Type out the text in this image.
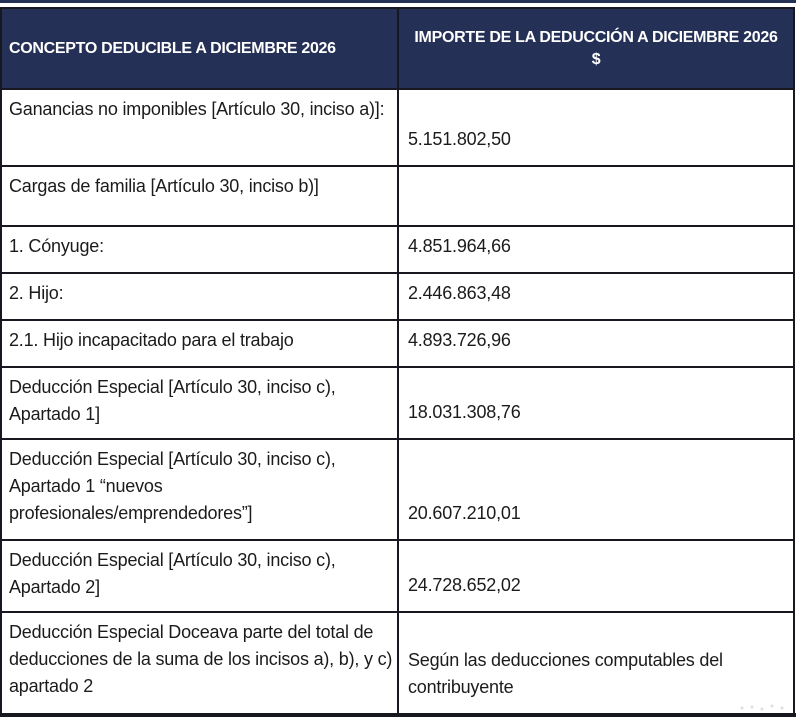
CONCEPTO DEDUCIBLE A DICIEMBRE 2026	IMPORTE DE LA DEDUCCIÓN A DICIEMBRE 2026 $
Ganancias no imponibles [Artículo 30, inciso a)]:	5.151.802,50
Cargas de familia [Artículo 30, inciso b)]	
1. Cónyuge:	4.851.964,66
2. Hijo:	2.446.863,48
2.1. Hijo incapacitado para el trabajo	4.893.726,96
Deducción Especial [Artículo 30, inciso c), Apartado 1]	18.031.308,76
Deducción Especial [Artículo 30, inciso c), Apartado 1 “nuevos profesionales/emprendedores”]	20.607.210,01
Deducción Especial [Artículo 30, inciso c), Apartado 2]	24.728.652,02
Deducción Especial Doceava parte del total de deducciones de la suma de los incisos a), b), y c) apartado 2	Según las deducciones computables del contribuyente
